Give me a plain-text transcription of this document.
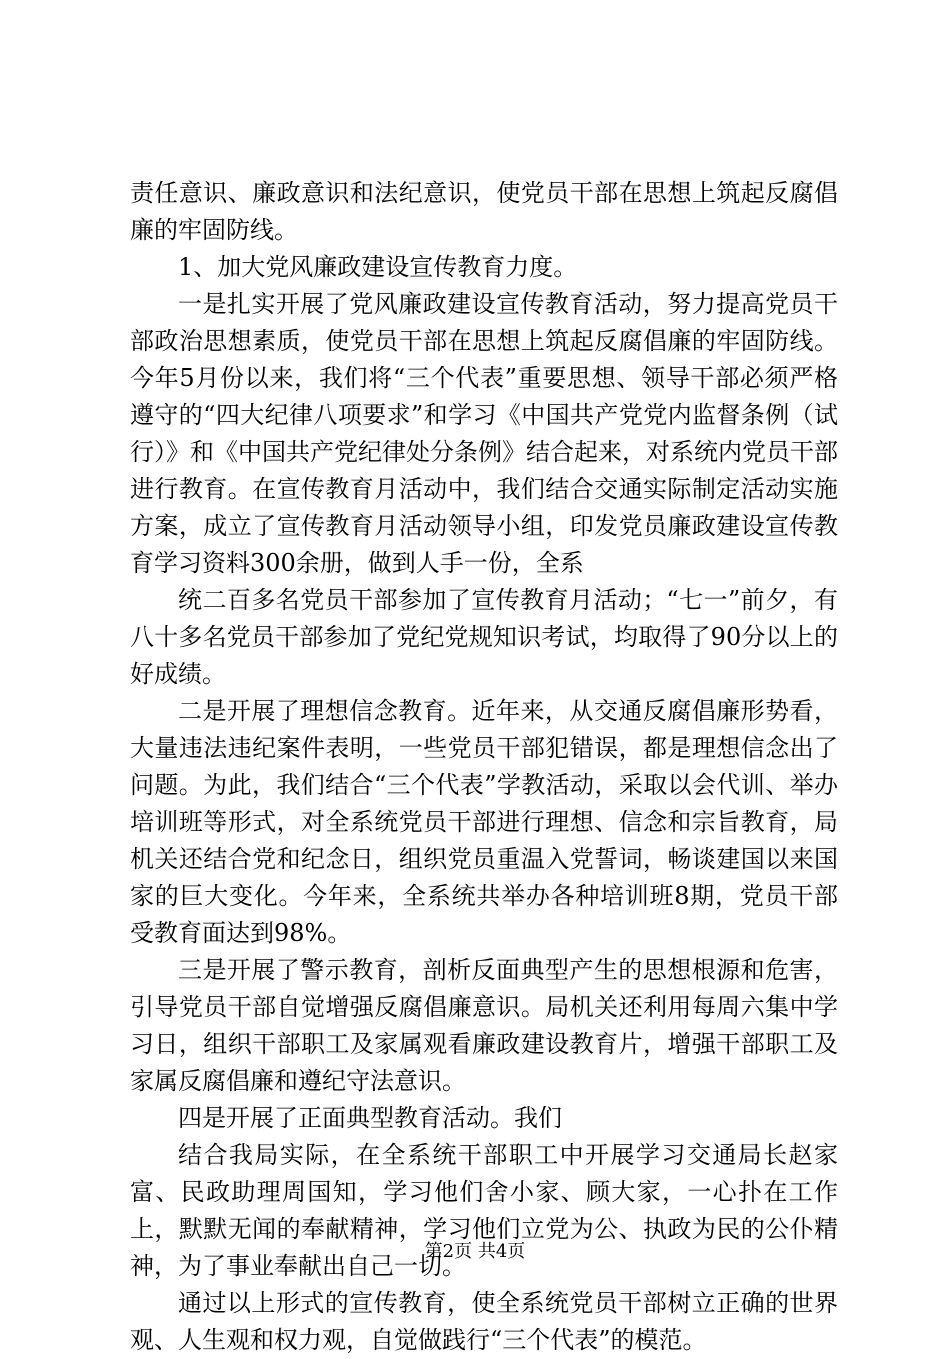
责任意识、廉政意识和法纪意识，使党员干部在思想上筑起反腐倡廉的牢固防线。

1、加大党风廉政建设宣传教育力度。

一是扎实开展了党风廉政建设宣传教育活动，努力提高党员干部政治思想素质，使党员干部在思想上筑起反腐倡廉的牢固防线。今年5月份以来，我们将“三个代表”重要思想、领导干部必须严格遵守的“四大纪律八项要求”和学习《中国共产党党内监督条例（试行）》和《中国共产党纪律处分条例》结合起来，对系统内党员干部进行教育。在宣传教育月活动中，我们结合交通实际制定活动实施方案，成立了宣传教育月活动领导小组，印发党员廉政建设宣传教育学习资料300余册，做到人手一份，全系

统二百多名党员干部参加了宣传教育月活动；“七一”前夕，有八十多名党员干部参加了党纪党规知识考试，均取得了90分以上的好成绩。

二是开展了理想信念教育。近年来，从交通反腐倡廉形势看，大量违法违纪案件表明，一些党员干部犯错误，都是理想信念出了问题。为此，我们结合“三个代表”学教活动，采取以会代训、举办培训班等形式，对全系统党员干部进行理想、信念和宗旨教育，局机关还结合党和纪念日，组织党员重温入党誓词，畅谈建国以来国家的巨大变化。今年来，全系统共举办各种培训班8期，党员干部受教育面达到98%。

三是开展了警示教育，剖析反面典型产生的思想根源和危害，引导党员干部自觉增强反腐倡廉意识。局机关还利用每周六集中学习日，组织干部职工及家属观看廉政建设教育片，增强干部职工及家属反腐倡廉和遵纪守法意识。

四是开展了正面典型教育活动。我们

结合我局实际，在全系统干部职工中开展学习交通局长赵家富、民政助理周国知，学习他们舍小家、顾大家，一心扑在工作上，默默无闻的奉献精神，学习他们立党为公、执政为民的公仆精神，为了事业奉献出自己一切。

通过以上形式的宣传教育，使全系统党员干部树立正确的世界观、人生观和权力观，自觉做践行“三个代表”的模范。

第2页 共4页
